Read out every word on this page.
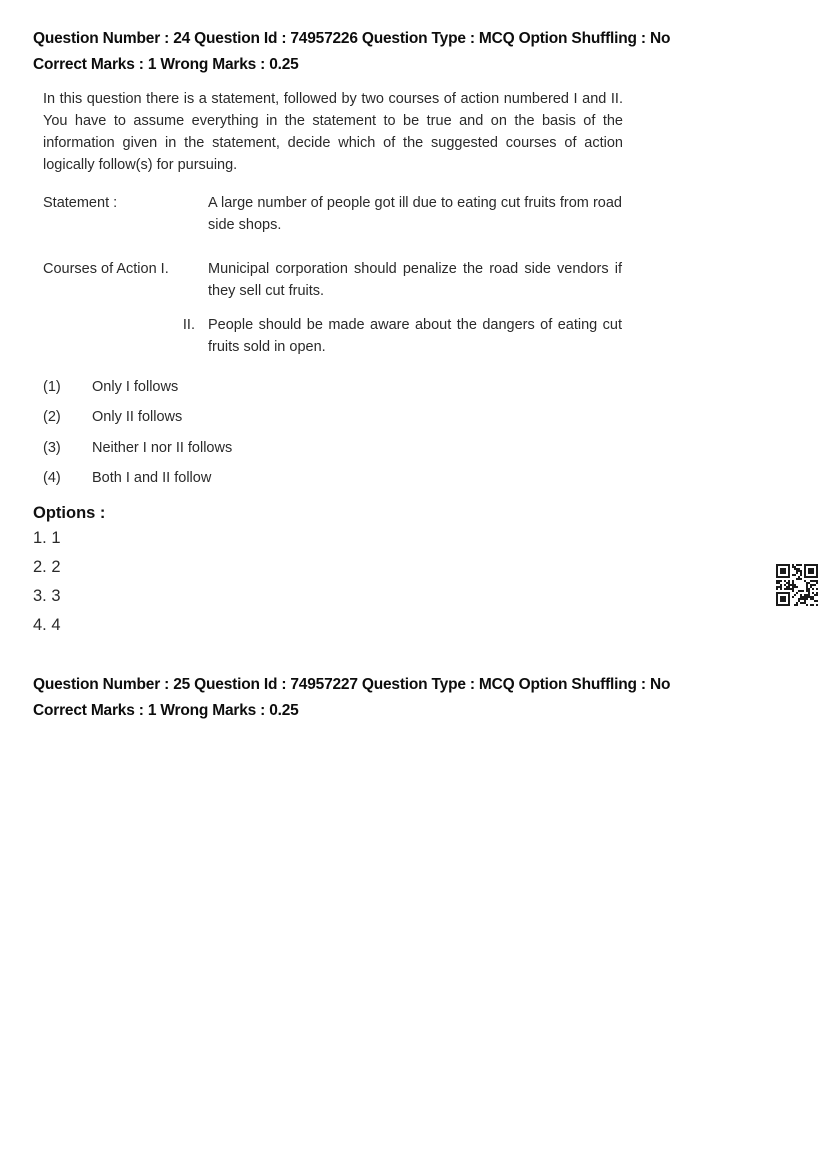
Question Number : 24 Question Id : 74957226 Question Type : MCQ Option Shuffling : No
Correct Marks : 1 Wrong Marks : 0.25

In this question there is a statement, followed by two courses of action numbered I and II. You have to assume everything in the statement to be true and on the basis of the information given in the statement, decide which of the suggested courses of action logically follow(s) for pursuing.

Statement :	A large number of people got ill due to eating cut fruits from road side shops.
Courses of Action I.	Municipal corporation should penalize the road side vendors if they sell cut fruits.
II. People should be made aware about the dangers of eating cut fruits sold in open.
(1)	Only I follows
(2)	Only II follows
(3)	Neither I nor II follows
(4)	Both I and II follow
Options :
1. 1
2. 2
3. 3
4. 4
Question Number : 25 Question Id : 74957227 Question Type : MCQ Option Shuffling : No
Correct Marks : 1 Wrong Marks : 0.25
